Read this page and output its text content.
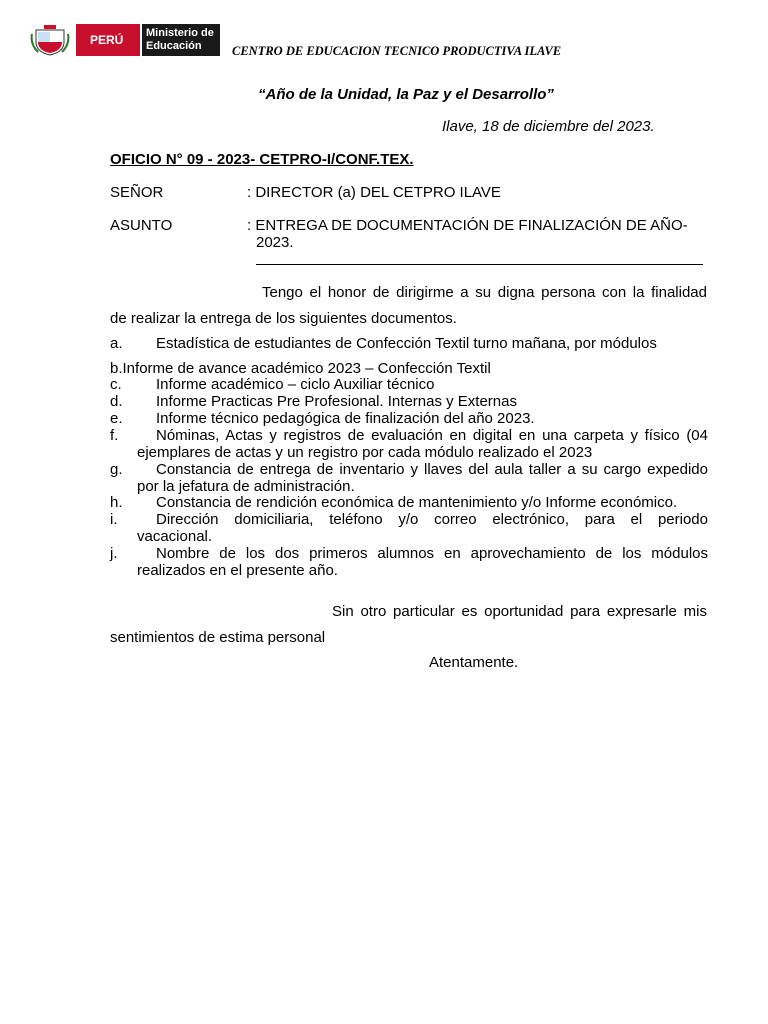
PERÚ Ministerio de
Educación CENTRO DE EDUCACION TECNICO PRODUCTIVA ILAVE
“Año de la Unidad, la Paz y el Desarrollo”
Ilave, 18 de diciembre del 2023.
OFICIO N° 09 - 2023- CETPRO-I/CONF.TEX.
SEÑOR	: DIRECTOR (a) DEL CETPRO ILAVE
ASUNTO	: ENTREGA DE DOCUMENTACIÓN DE FINALIZACIÓN DE AÑO-
2023.
Tengo el honor de dirigirme a su digna persona con la finalidad
de realizar la entrega de los siguientes documentos.
a. Estadística de estudiantes de Confección Textil turno mañana, por módulos
b.Informe de avance académico 2023 – Confección Textil
c. Informe académico – ciclo Auxiliar técnico
d. Informe Practicas Pre Profesional. Internas y Externas
e. Informe técnico pedagógica de finalización del año 2023.
f.	Nóminas, Actas y registros de evaluación en digital en una carpeta y físico (04
ejemplares de actas y un registro por cada módulo realizado el 2023
g. Constancia de entrega de inventario y llaves del aula taller a su cargo expedido
por la jefatura de administración.
h. Constancia de rendición económica de mantenimiento y/o Informe económico.
i.	Dirección domiciliaria, teléfono y/o correo electrónico, para el periodo
vacacional.
j.	Nombre de los dos primeros alumnos en aprovechamiento de los módulos
realizados en el presente año.
Sin otro particular es oportunidad para expresarle mis
sentimientos de estima personal
Atentamente.
